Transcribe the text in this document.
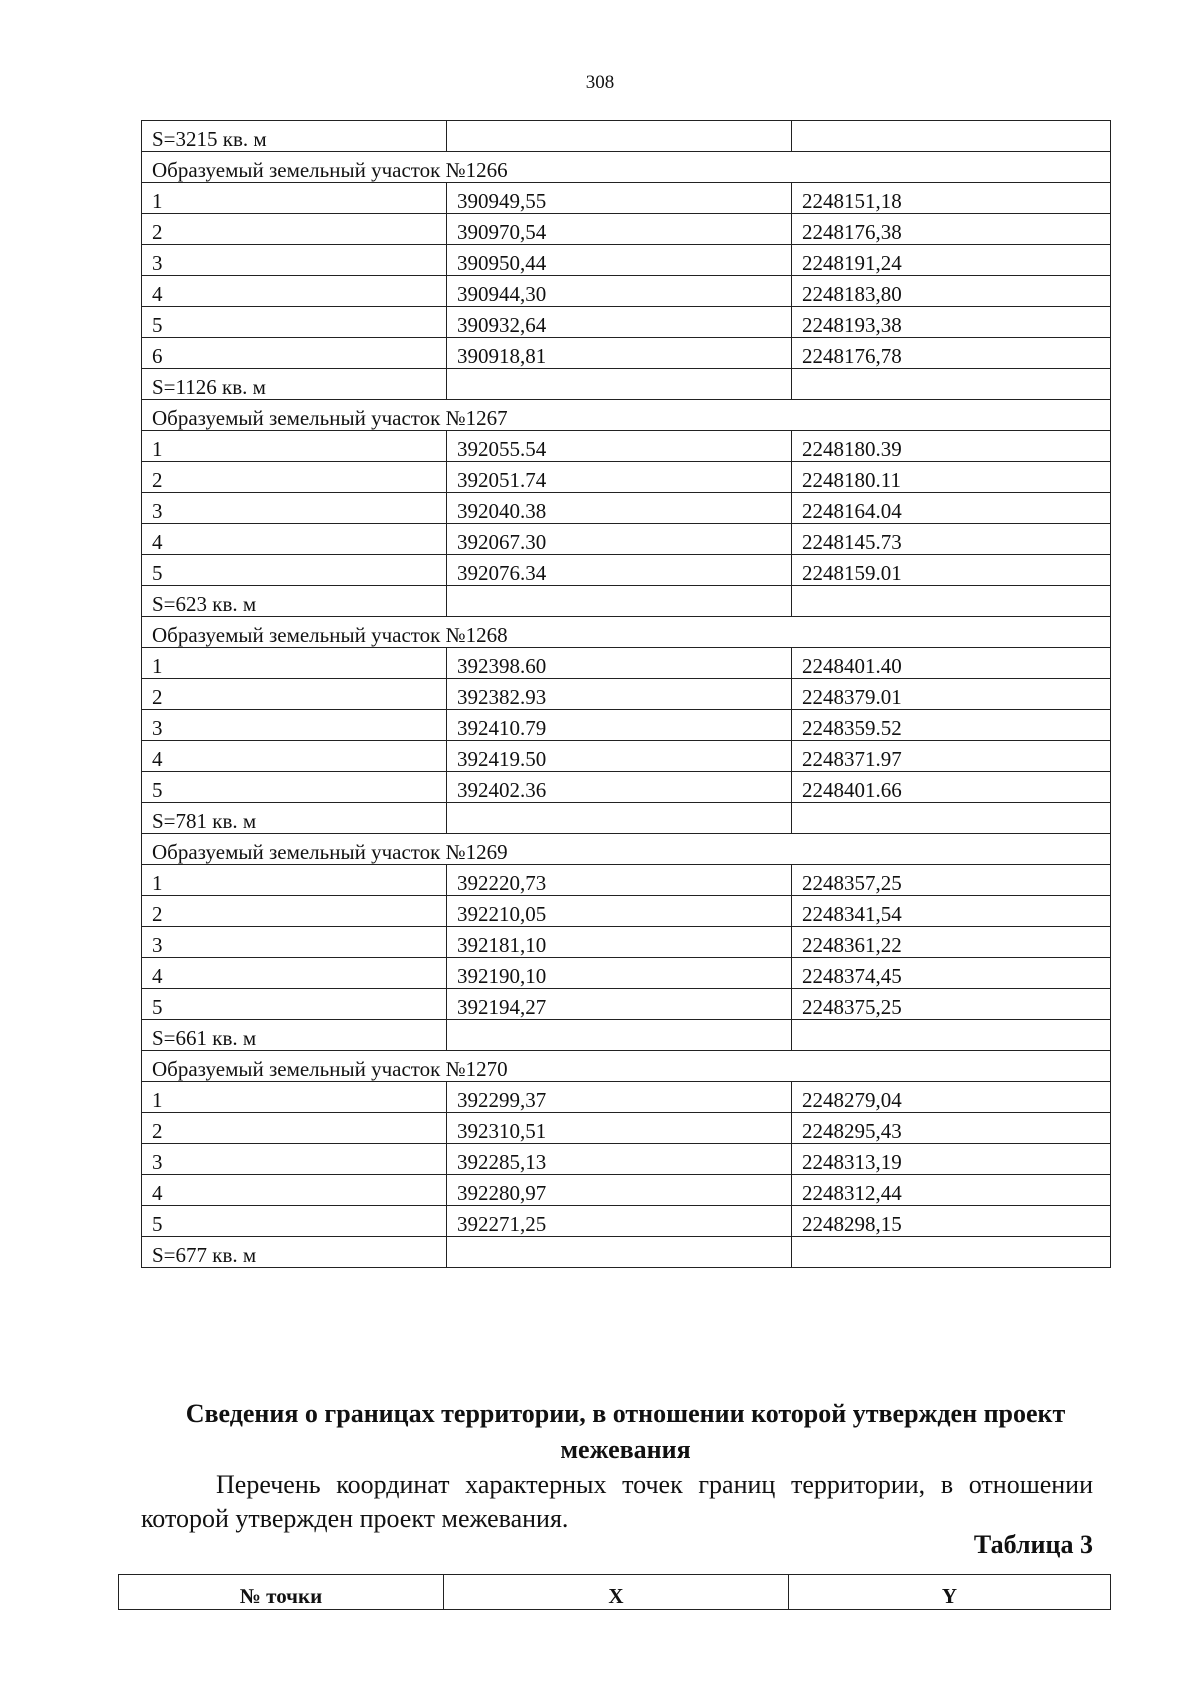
308
S=3215 кв. м		
Образуемый земельный участок №1266		
1	390949,55	2248151,18
2	390970,54	2248176,38
3	390950,44	2248191,24
4	390944,30	2248183,80
5	390932,64	2248193,38
6	390918,81	2248176,78
S=1126 кв. м		
Образуемый земельный участок №1267		
1	392055.54	2248180.39
2	392051.74	2248180.11
3	392040.38	2248164.04
4	392067.30	2248145.73
5	392076.34	2248159.01
S=623 кв. м		
Образуемый земельный участок №1268		
1	392398.60	2248401.40
2	392382.93	2248379.01
3	392410.79	2248359.52
4	392419.50	2248371.97
5	392402.36	2248401.66
S=781 кв. м		
Образуемый земельный участок №1269		
1	392220,73	2248357,25
2	392210,05	2248341,54
3	392181,10	2248361,22
4	392190,10	2248374,45
5	392194,27	2248375,25
S=661 кв. м		
Образуемый земельный участок №1270		
1	392299,37	2248279,04
2	392310,51	2248295,43
3	392285,13	2248313,19
4	392280,97	2248312,44
5	392271,25	2248298,15
S=677 кв. м		
Сведения о границах территории, в отношении которой утвержден проект межевания
Перечень координат характерных точек границ территории, в отношении которой утвержден проект межевания.
Таблица 3
№ точки	X	Y
